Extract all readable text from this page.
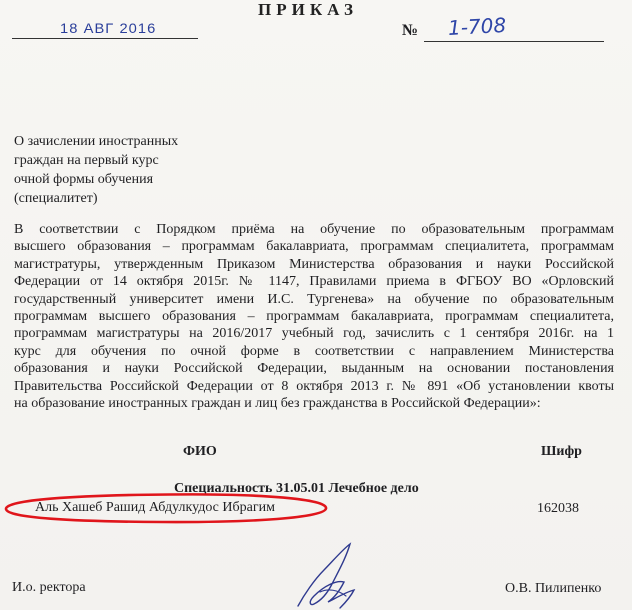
18 АВГ 2016
ПРИКАЗ
№ 1-708
О зачислении иностранных
граждан на первый курс
очной формы обучения
(специалитет)
В соответствии с Порядком приёма на обучение по образовательным программам
высшего образования – программам бакалавриата, программам специалитета, программам
магистратуры, утвержденным Приказом Министерства образования и науки Российской
Федерации от 14 октября 2015г. № 1147, Правилами приема в ФГБОУ ВО «Орловский
государственный университет имени И.С. Тургенева» на обучение по образовательным
программам высшего образования – программам бакалавриата, программам специалитета,
программам магистратуры на 2016/2017 учебный год, зачислить с 1 сентября 2016г. на 1
курс для обучения по очной форме в соответствии с направлением Министерства
образования и науки Российской Федерации, выданным на основании постановления
Правительства Российской Федерации от 8 октября 2013 г. № 891 «Об установлении квоты
на образование иностранных граждан и лиц без гражданства в Российской Федерации»:
ФИО	Шифр
Специальность 31.05.01 Лечебное дело
Аль Хашеб Рашид Абдулкудос Ибрагим	162038
И.о. ректора	О.В. Пилипенко
